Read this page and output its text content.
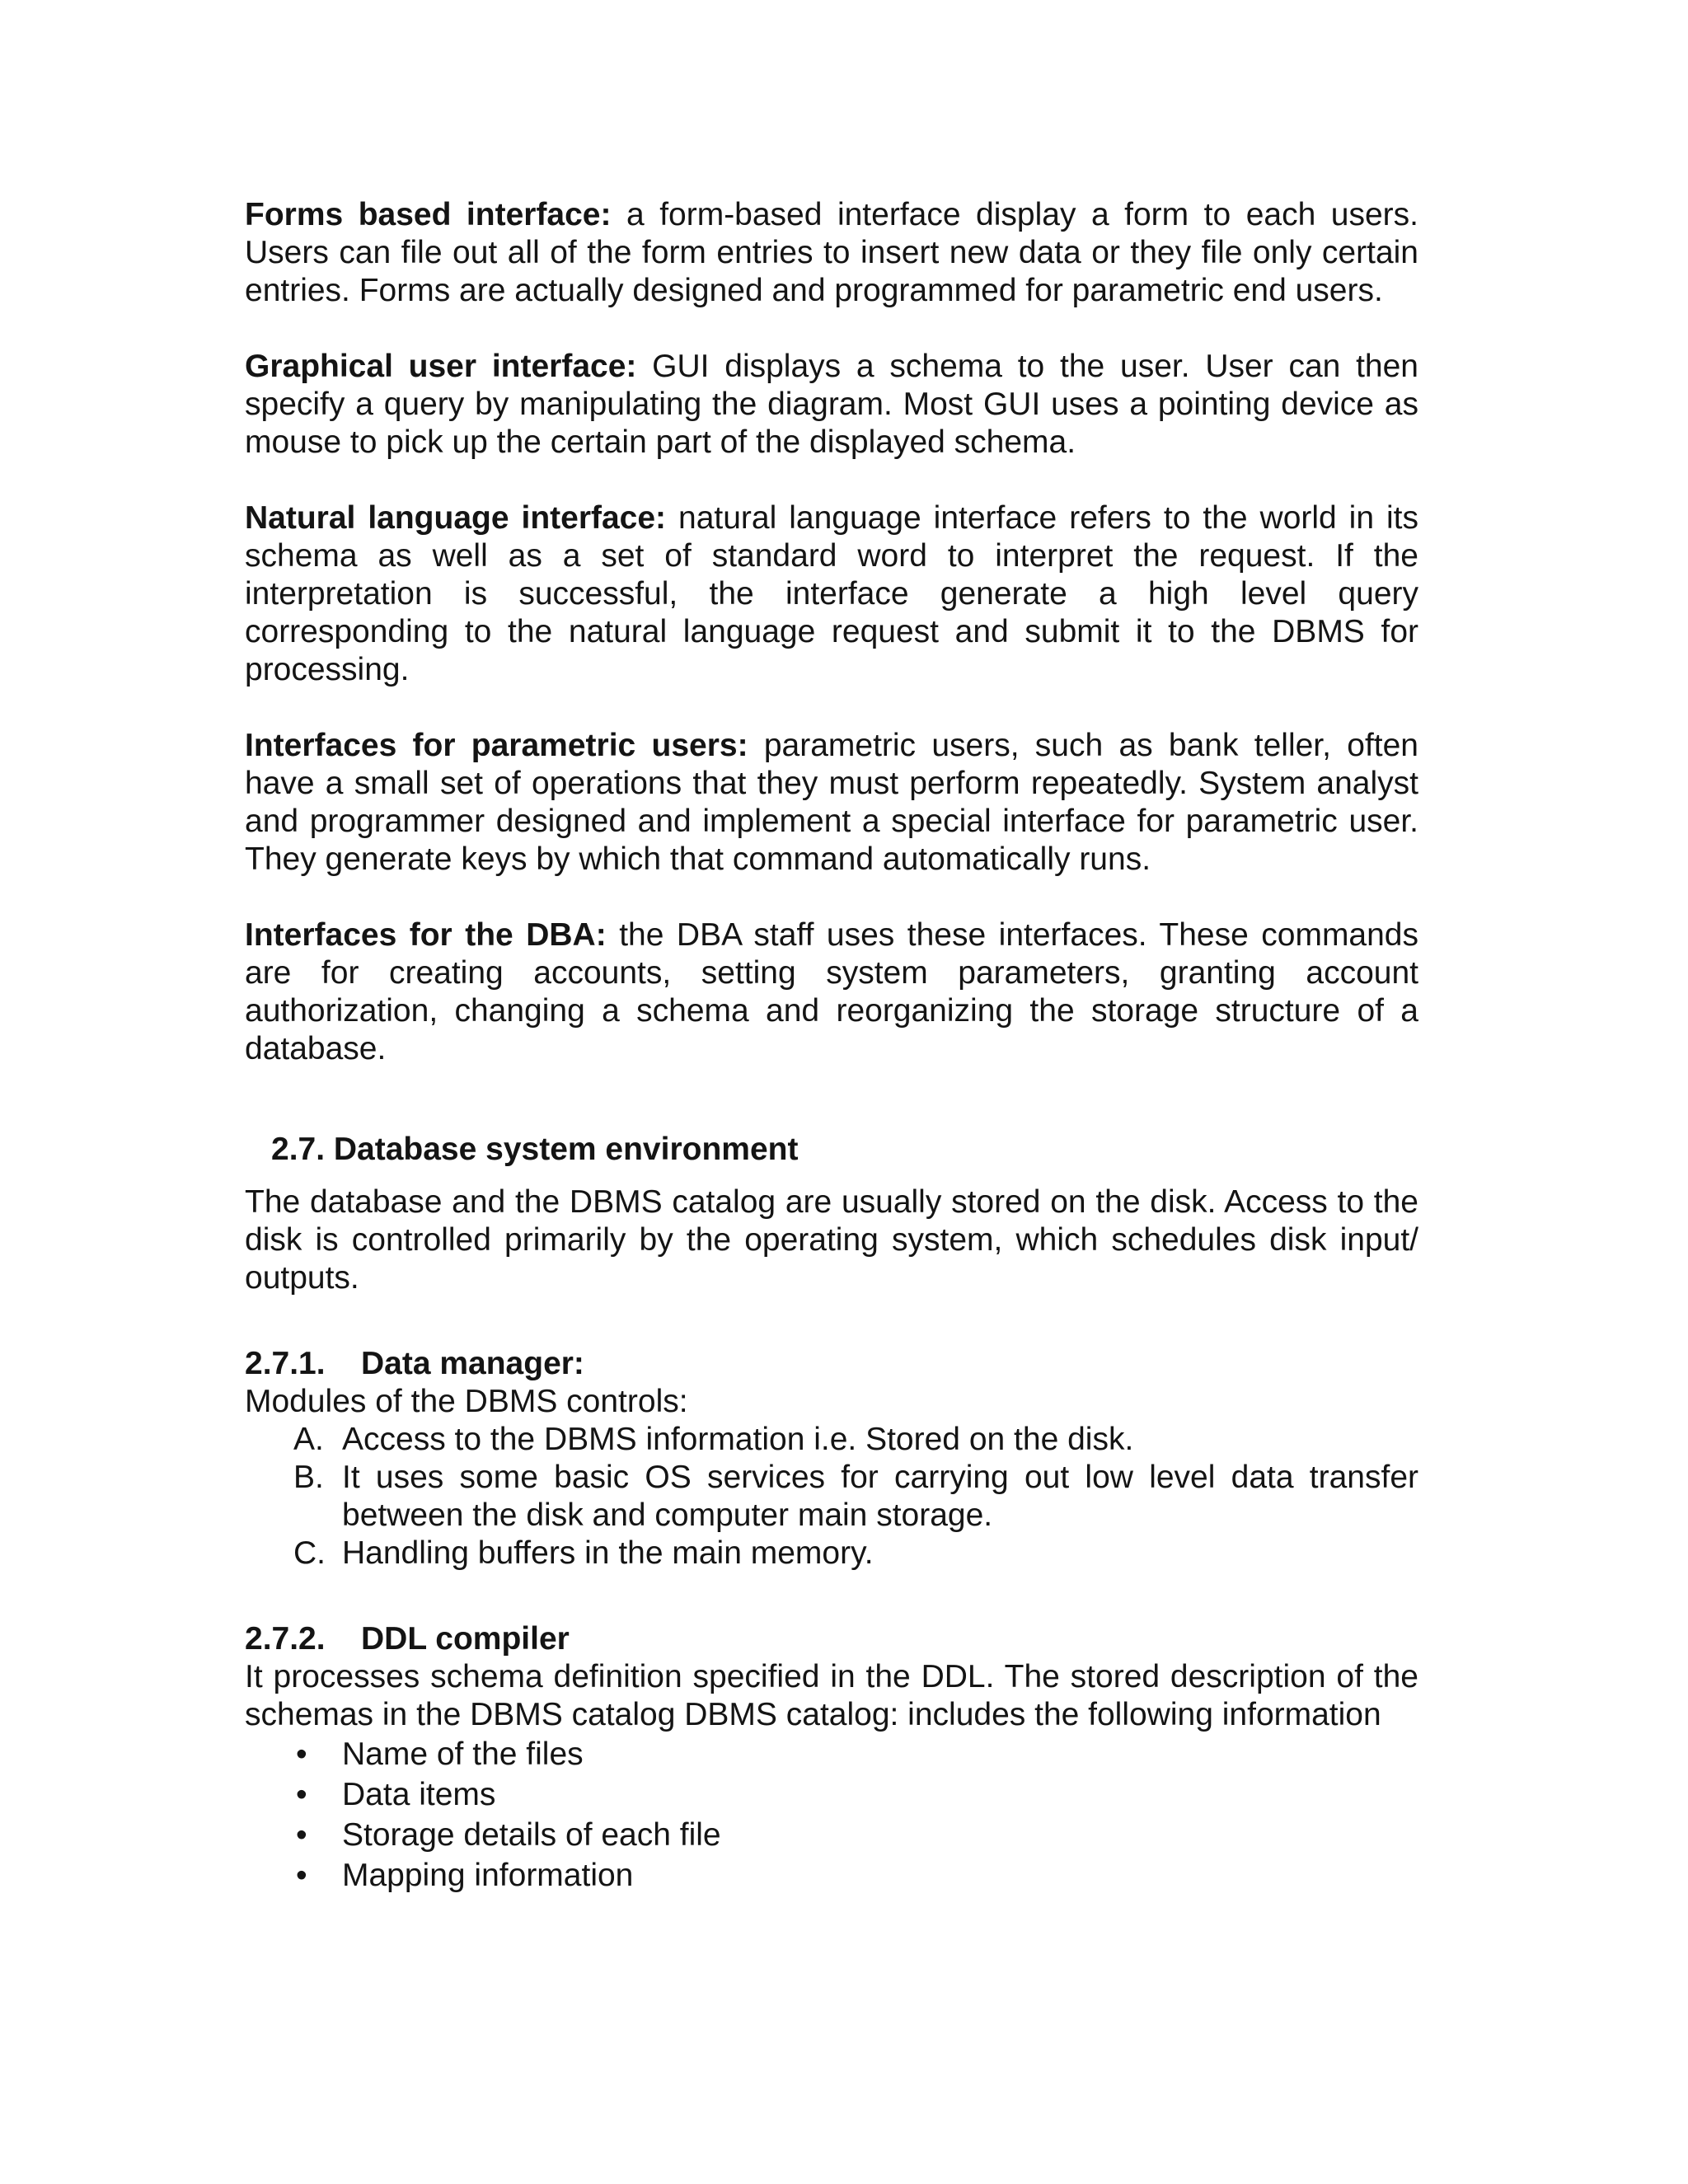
Forms based interface: a form-based interface display a form to each users. Users can file out all of the form entries to insert new data or they file only certain entries. Forms are actually designed and programmed for parametric end users.

Graphical user interface: GUI displays a schema to the user. User can then specify a query by manipulating the diagram. Most GUI uses a pointing device as mouse to pick up the certain part of the displayed schema.

Natural language interface: natural language interface refers to the world in its schema as well as a set of standard word to interpret the request. If the interpretation is successful, the interface generate a high level query corresponding to the natural language request and submit it to the DBMS for processing.

Interfaces for parametric users: parametric users, such as bank teller, often have a small set of operations that they must perform repeatedly. System analyst and programmer designed and implement a special interface for parametric user. They generate keys by which that command automatically runs.

Interfaces for the DBA: the DBA staff uses these interfaces. These commands are for creating accounts, setting system parameters, granting account authorization, changing a schema and reorganizing the storage structure of a database.

2.7. Database system environment

The database and the DBMS catalog are usually stored on the disk. Access to the disk is controlled primarily by the operating system, which schedules disk input/ outputs.

2.7.1. Data manager:

Modules of the DBMS controls:

A. Access to the DBMS information i.e. Stored on the disk.
B. It uses some basic OS services for carrying out low level data transfer between the disk and computer main storage.
C. Handling buffers in the main memory.
2.7.2. DDL compiler

It processes schema definition specified in the DDL. The stored description of the schemas in the DBMS catalog DBMS catalog: includes the following information

• Name of the files
• Data items
• Storage details of each file
• Mapping information
